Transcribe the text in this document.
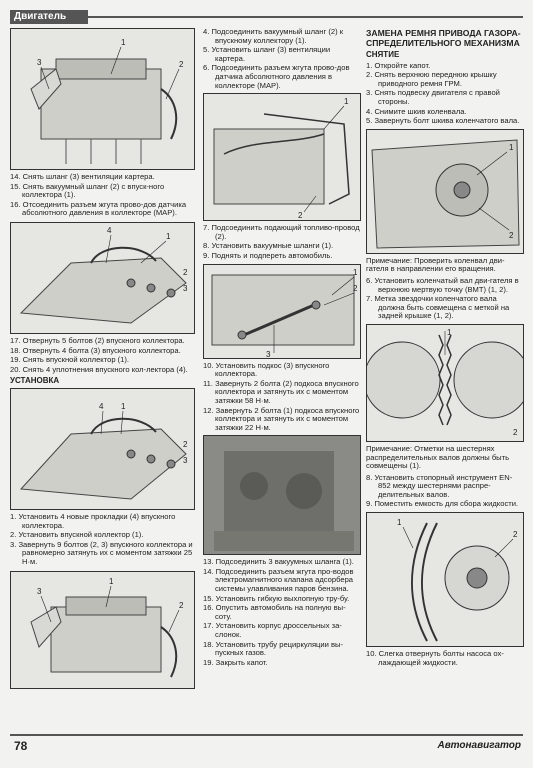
Двигатель
1
2
3
14. Снять шланг (3) вентиляции картера.
15. Снять вакуумный шланг (2) с впуск-ного коллектора (1).
16. Отсоединить разъем жгута прово-дов датчика абсолютного давления в коллекторе (MAP).
4
1
2
3
17. Отвернуть 5 болтов (2) впускного коллектора.
18. Отвернуть 4 болта (3) впускного коллектора.
19. Снять впускной коллектор (1).
20. Снять 4 уплотнения впускного кол-лектора (4).
УСТАНОВКА
4 1
2
3
1. Установить 4 новые прокладки (4) впускного коллектора.
2. Установить впускной коллектор (1).
3. Завернуть 9 болтов (2, 3) впускного коллектора и равномерно затянуть их с моментом затяжки 25 Н·м.
1
3
2
4. Подсоединить вакуумный шланг (2) к впускному коллектору (1).
5. Установить шланг (3) вентиляции картера.
6. Подсоединить разъем жгута прово-дов датчика абсолютного давления в коллекторе (MAP).
1
2
7. Подсоединить подающий топливо-провод (2).
8. Установить вакуумные шланги (1).
9. Поднять и подпереть автомобиль.
1
2
3
10. Установить подкос (3) впускного коллектора.
11. Завернуть 2 болта (2) подкоса впускного коллектора и затянуть их с моментом затяжки 58 Н·м.
12. Завернуть 2 болта (1) подкоса впускного коллектора и затянуть их с моментом затяжки 22 Н·м.
13. Подсоединить 3 вакуумных шланга (1).
14. Подсоединить разъем жгута про-водов электромагнитного клапана адсорбера системы улавливания паров бензина.
15. Установить гибкую выхлопную тру-бу.
16. Опустить автомобиль на полную вы-соту.
17. Установить корпус дроссельных за-слонок.
18. Установить трубу рециркуляции вы-пускных газов.
19. Закрыть капот.
ЗАМЕНА РЕМНЯ ПРИВОДА ГАЗОРА-СПРЕДЕЛИТЕЛЬНОГО МЕХАНИЗМА
СНЯТИЕ
1. Откройте капот.
2. Снять верхнюю переднюю крышку приводного ремня ГРМ.
3. Снять подвеску двигателя с правой стороны.
4. Снимите шкив коленвала.
5. Завернуть болт шкива коленчатого вала.
1
2
Примечание: Проверить коленвал дви-гателя в направлении его вращения.
6. Установить коленчатый вал дви-гателя в верхнюю мертвую точку (ВМТ) (1, 2).
7. Метка звездочки коленчатого вала должна быть совмещена с меткой на задней крышке (1, 2).
1
2
Примечание: Отметки на шестернях распределительных валов должны быть совмещены (1).
8. Установить стопорный инструмент EN-852 между шестернями распре-делительных валов.
9. Поместить емкость для сбора жидкости.
1
2
10. Слегка отвернуть болты насоса ох-лаждающей жидкости.
78	Автонавигатор
